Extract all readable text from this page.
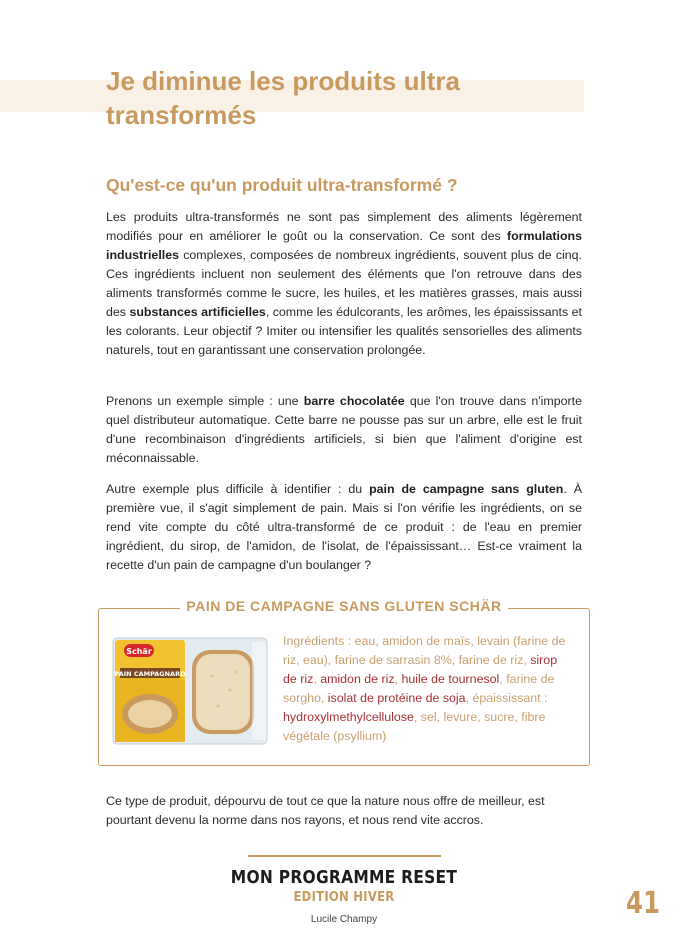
Je diminue les produits ultra transformés
Qu'est-ce qu'un produit ultra-transformé ?

Les produits ultra-transformés ne sont pas simplement des aliments légèrement modifiés pour en améliorer le goût ou la conservation. Ce sont des formulations industrielles complexes, composées de nombreux ingrédients, souvent plus de cinq. Ces ingrédients incluent non seulement des éléments que l'on retrouve dans des aliments transformés comme le sucre, les huiles, et les matières grasses, mais aussi des substances artificielles, comme les édulcorants, les arômes, les épaississants et les colorants. Leur objectif ? Imiter ou intensifier les qualités sensorielles des aliments naturels, tout en garantissant une conservation prolongée.

Prenons un exemple simple : une barre chocolatée que l'on trouve dans n'importe quel distributeur automatique. Cette barre ne pousse pas sur un arbre, elle est le fruit d'une recombinaison d'ingrédients artificiels, si bien que l'aliment d'origine est méconnaissable.

Autre exemple plus difficile à identifier : du pain de campagne sans gluten. À première vue, il s'agit simplement de pain. Mais si l'on vérifie les ingrédients, on se rend vite compte du côté ultra-transformé de ce produit : de l'eau en premier ingrédient, du sirop, de l'amidon, de l'isolat, de l'épaississant… Est-ce vraiment la recette d'un pain de campagne d'un boulanger ?

PAIN DE CAMPAGNE SANS GLUTEN SCHÄR
Schär
PAIN CAMPAGNARD

Ingrédients : eau, amidon de maïs, levain (farine de riz, eau), farine de sarrasin 8%, farine de riz, sirop de riz, amidon de riz, huile de tournesol, farine de sorgho, isolat de protéine de soja, épaississant : hydroxylmethylcellulose, sel, levure, sucre, fibre végétale (psyllium)

Ce type de produit, dépourvu de tout ce que la nature nous offre de meilleur, est pourtant devenu la norme dans nos rayons, et nous rend vite accros.

MON PROGRAMME RESET
EDITION HIVER
Lucile Champy	41
